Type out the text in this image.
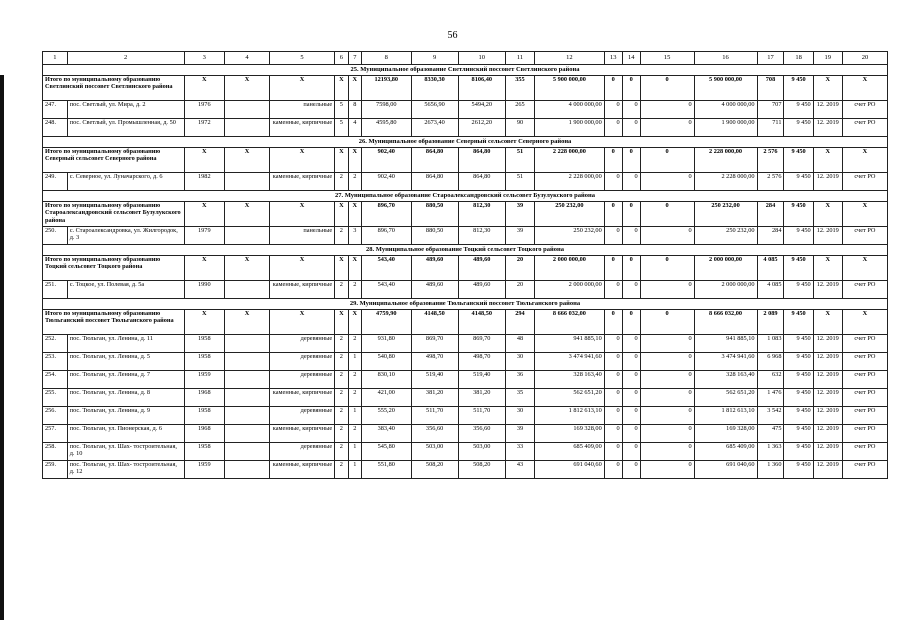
56
1	2	3	4	5	6	7	8	9	10	11	12	13	14	15	16	17	18	19	20
25. Муниципальное образование Светлинский поссовет Светлинского района																			
Итого по муниципальному образованию Светлинский поссовет Светлинского района		X	X	X	X	X	12193,80	8330,30	8106,40	355	5 900 000,00	0	0	0	5 900 000,00	708	9 450	X	X
247.	пос. Светлый, ул. Мира, д. 2	1976		панельные	5	8	7598,00	5656,90	5494,20	265	4 000 000,00	0	0	0	4 000 000,00	707	9 450	12. 2019	счет РО
248.	пос. Светлый, ул. Промышленная, д. 50	1972		каменные, кирпичные	5	4	4595,80	2673,40	2612,20	90	1 900 000,00	0	0	0	1 900 000,00	711	9 450	12. 2019	счет РО
26. Муниципальное образование Северный сельсовет Северного района																			
Итого по муниципальному образованию Северный сельсовет Северного района		X	X	X	X	X	902,40	864,80	864,80	51	2 228 000,00	0	0	0	2 228 000,00	2 576	9 450	X	X
249.	с. Северное, ул. Луначарского, д. 6	1982		каменные, кирпичные	2	2	902,40	864,80	864,80	51	2 228 000,00	0	0	0	2 228 000,00	2 576	9 450	12. 2019	счет РО
27. Муниципальное образование Староалександровский сельсовет Бузулукского района																			
Итого по муниципальному образованию Староалександровский сельсовет Бузулукского района		X	X	X	X	X	896,70	880,50	812,30	39	250 232,00	0	0	0	250 232,00	284	9 450	X	X
250.	с. Староалександровка, ул. Жилгородок, д. 3	1979		панельные	2	3	896,70	880,50	812,30	39	250 232,00	0	0	0	250 232,00	284	9 450	12. 2019	счет РО
28. Муниципальное образование Тоцкий сельсовет Тоцкого района																			
Итого по муниципальному образованию Тоцкий сельсовет Тоцкого района		X	X	X	X	X	543,40	489,60	489,60	20	2 000 000,00	0	0	0	2 000 000,00	4 085	9 450	X	X
251.	с. Тоцкое, ул. Полевая, д. 5а	1990		каменные, кирпичные	2	2	543,40	489,60	489,60	20	2 000 000,00	0	0	0	2 000 000,00	4 085	9 450	12. 2019	счет РО
29. Муниципальное образование Тюльганский поссовет Тюльганского района																			
Итого по муниципальному образованию Тюльганский поссовет Тюльганского района		X	X	X	X	X	4759,90	4148,50	4148,50	294	8 666 032,00	0	0	0	8 666 032,00	2 089	9 450	X	X
252.	пос. Тюльган, ул. Ленина, д. 11	1958		деревянные	2	2	931,80	869,70	869,70	48	941 885,10	0	0	0	941 885,10	1 083	9 450	12. 2019	счет РО
253.	пос. Тюльган, ул. Ленина, д. 5	1958		деревянные	2	1	540,80	498,70	498,70	30	3 474 941,60	0	0	0	3 474 941,60	6 968	9 450	12. 2019	счет РО
254.	пос. Тюльган, ул. Ленина, д. 7	1959		деревянные	2	2	830,10	519,40	519,40	36	328 163,40	0	0	0	328 163,40	632	9 450	12. 2019	счет РО
255.	пос. Тюльган, ул. Ленина, д. 8	1968		каменные, кирпичные	2	2	421,00	381,20	381,20	35	562 651,20	0	0	0	562 651,20	1 476	9 450	12. 2019	счет РО
256.	пос. Тюльган, ул. Ленина, д. 9	1958		деревянные	2	1	555,20	511,70	511,70	30	1 812 613,10	0	0	0	1 812 613,10	3 542	9 450	12. 2019	счет РО
257.	пос. Тюльган, ул. Пионерская, д. 6	1968		каменные, кирпичные	2	2	383,40	356,60	356,60	39	169 328,00	0	0	0	169 328,00	475	9 450	12. 2019	счет РО
258.	пос. Тюльган, ул. Шах- тостроительная, д. 10	1958		деревянные	2	1	545,80	503,00	503,00	33	685 409,00	0	0	0	685 409,00	1 363	9 450	12. 2019	счет РО
259.	пос. Тюльган, ул. Шах- тостроительная, д. 12	1959		каменные, кирпичные	2	1	551,80	508,20	508,20	43	691 040,60	0	0	0	691 040,60	1 360	9 450	12. 2019	счет РО
